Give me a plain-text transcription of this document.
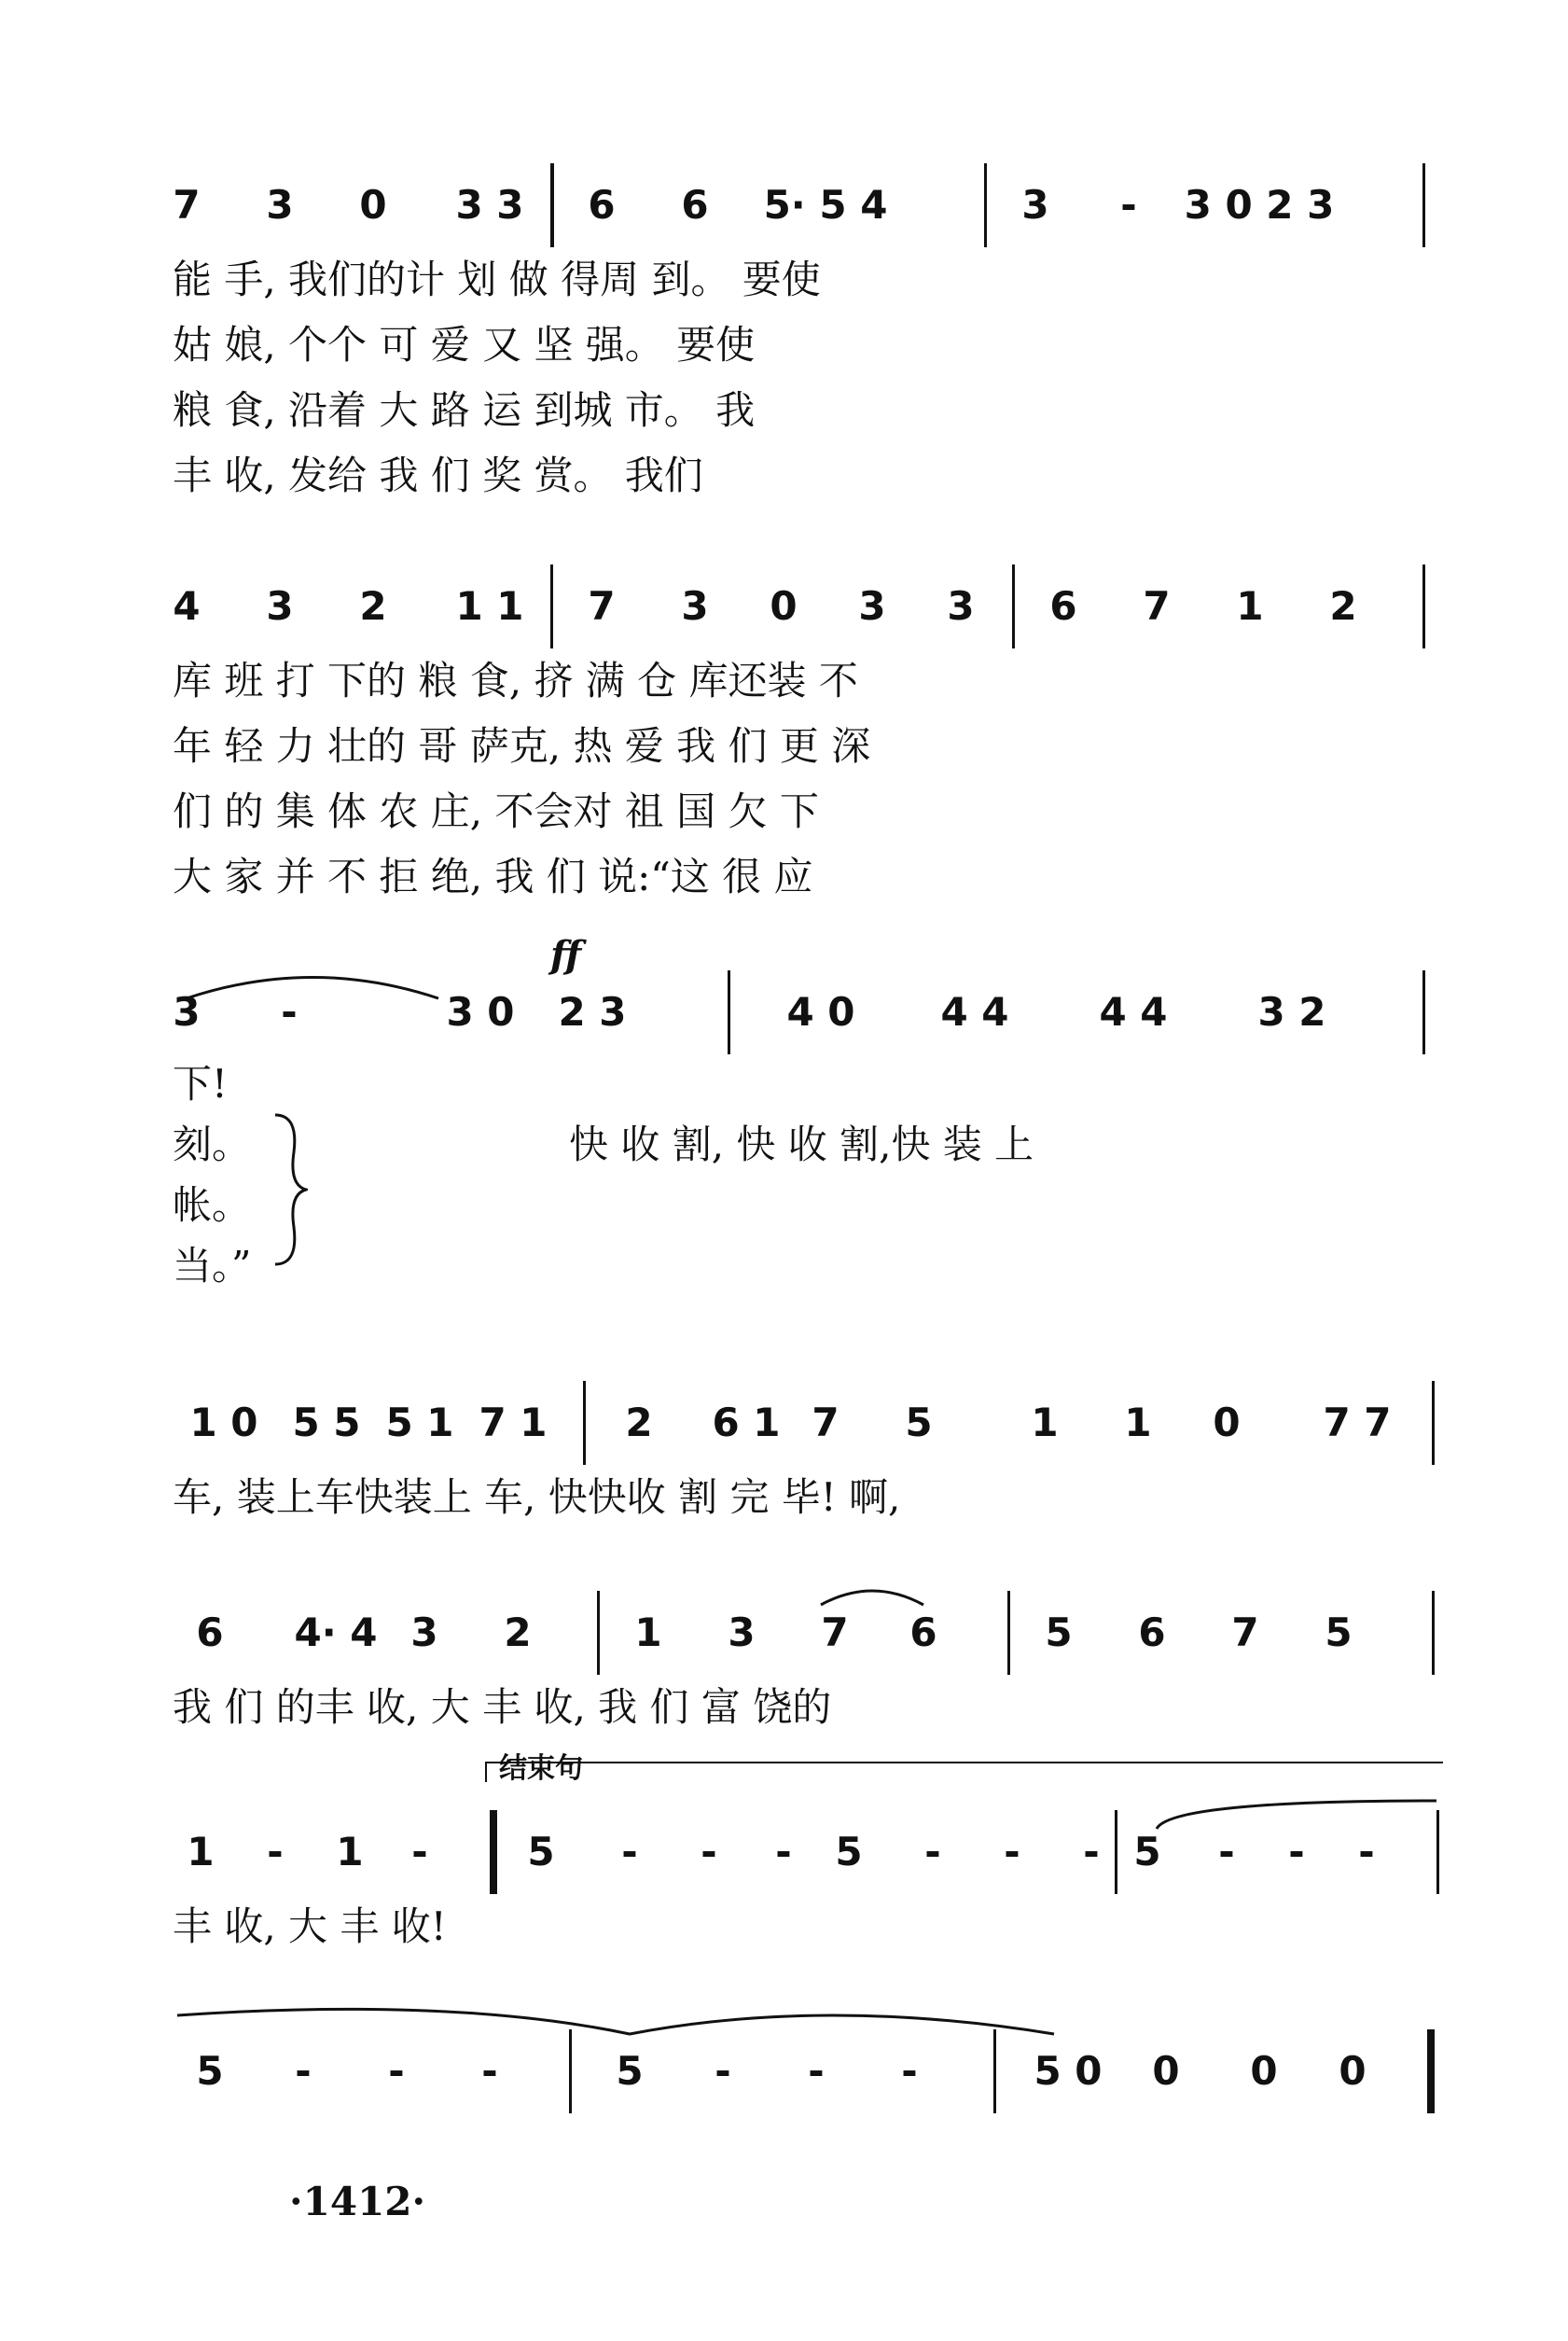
7	3	0	3 3	6	6	5· 5 4	3	-	3 0 2 3
能 手, 我们的计 划 做 得周 到。 要使
姑 娘, 个个 可 爱 又 坚 强。 要使
粮 食, 沿着 大 路 运 到城 市。 我
丰 收, 发给 我 们 奖 赏。 我们
4	3	2	1 1	7	3	0	3	3	6	7	1	2
库 班 打 下的 粮 食, 挤 满 仓 库还装 不
年 轻 力 壮的 哥 萨克, 热 爱 我 们 更 深
们 的 集 体 农 庄, 不会对 祖 国 欠 下
大 家 并 不 拒 绝, 我 们 说:“这 很 应
ff
3	-	3 0	2 3	4 0	4 4	4 4	3 2
下!
刻。
帐。
当。”
快 收 割, 快 收 割,快 装 上
1 0 5 5 5 1 7 1	2	6 1 7	5	1	1	0	7 7
车, 装上车快装上 车, 快快收 割 完 毕! 啊,
6	4· 4 3	2	1	3	7	6	5	6	7	5
我 们 的丰 收, 大 丰 收, 我 们 富 饶的
结束句
1	-	1	-	5	-	-	-	5	-	-	- 5	-	-	-
丰 收, 大 丰 收!
5	-	-	-	5	-	-	-	5 0	0	0	0
·1412·
